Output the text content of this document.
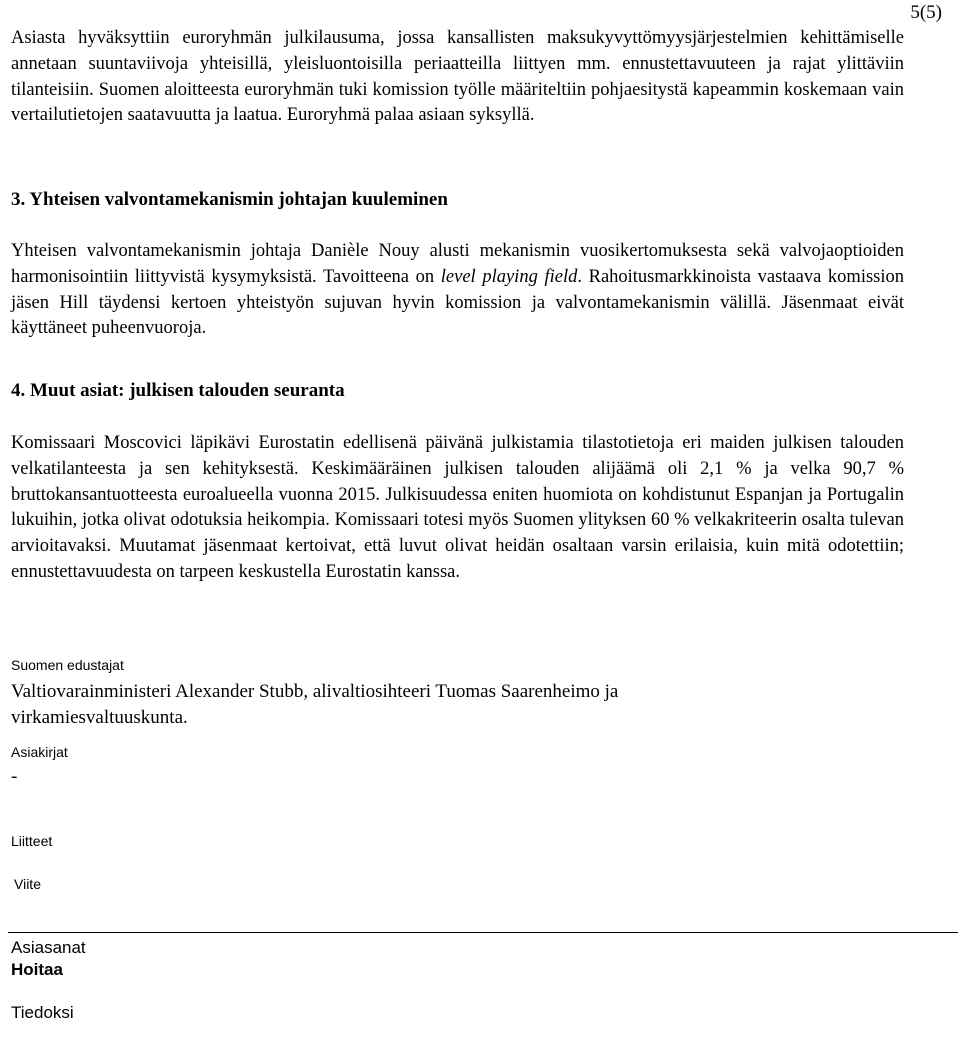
5(5)

Asiasta hyväksyttiin euroryhmän julkilausuma, jossa kansallisten maksukyvyttömyysjärjestelmien kehittämiselle annetaan suuntaviivoja yhteisillä, yleisluontoisilla periaatteilla liittyen mm. ennustettavuuteen ja rajat ylittäviin tilanteisiin. Suomen aloitteesta euroryhmän tuki komission työlle määriteltiin pohjaesitystä kapeammin koskemaan vain vertailutietojen saatavuutta ja laatua. Euroryhmä palaa asiaan syksyllä.

3. Yhteisen valvontamekanismin johtajan kuuleminen

Yhteisen valvontamekanismin johtaja Danièle Nouy alusti mekanismin vuosikertomuksesta sekä valvojaoptioiden harmonisointiin liittyvistä kysymyksistä. Tavoitteena on level playing field. Rahoitusmarkkinoista vastaava komission jäsen Hill täydensi kertoen yhteistyön sujuvan hyvin komission ja valvontamekanismin välillä. Jäsenmaat eivät käyttäneet puheenvuoroja.

4. Muut asiat: julkisen talouden seuranta

Komissaari Moscovici läpikävi Eurostatin edellisenä päivänä julkistamia tilastotietoja eri maiden julkisen talouden velkatilanteesta ja sen kehityksestä. Keskimääräinen julkisen talouden alijäämä oli 2,1 % ja velka 90,7 % bruttokansantuotteesta euroalueella vuonna 2015. Julkisuudessa eniten huomiota on kohdistunut Espanjan ja Portugalin lukuihin, jotka olivat odotuksia heikompia. Komissaari totesi myös Suomen ylityksen 60 % velkakriteerin osalta tulevan arvioitavaksi. Muutamat jäsenmaat kertoivat, että luvut olivat heidän osaltaan varsin erilaisia, kuin mitä odotettiin; ennustettavuudesta on tarpeen keskustella Eurostatin kanssa.

Suomen edustajat
Valtiovarainministeri Alexander Stubb, alivaltiosihteeri Tuomas Saarenheimo ja virkamiesvaltuuskunta.
Asiakirjat
-
Liitteet
Viite
Asiasanat
Hoitaa
Tiedoksi
